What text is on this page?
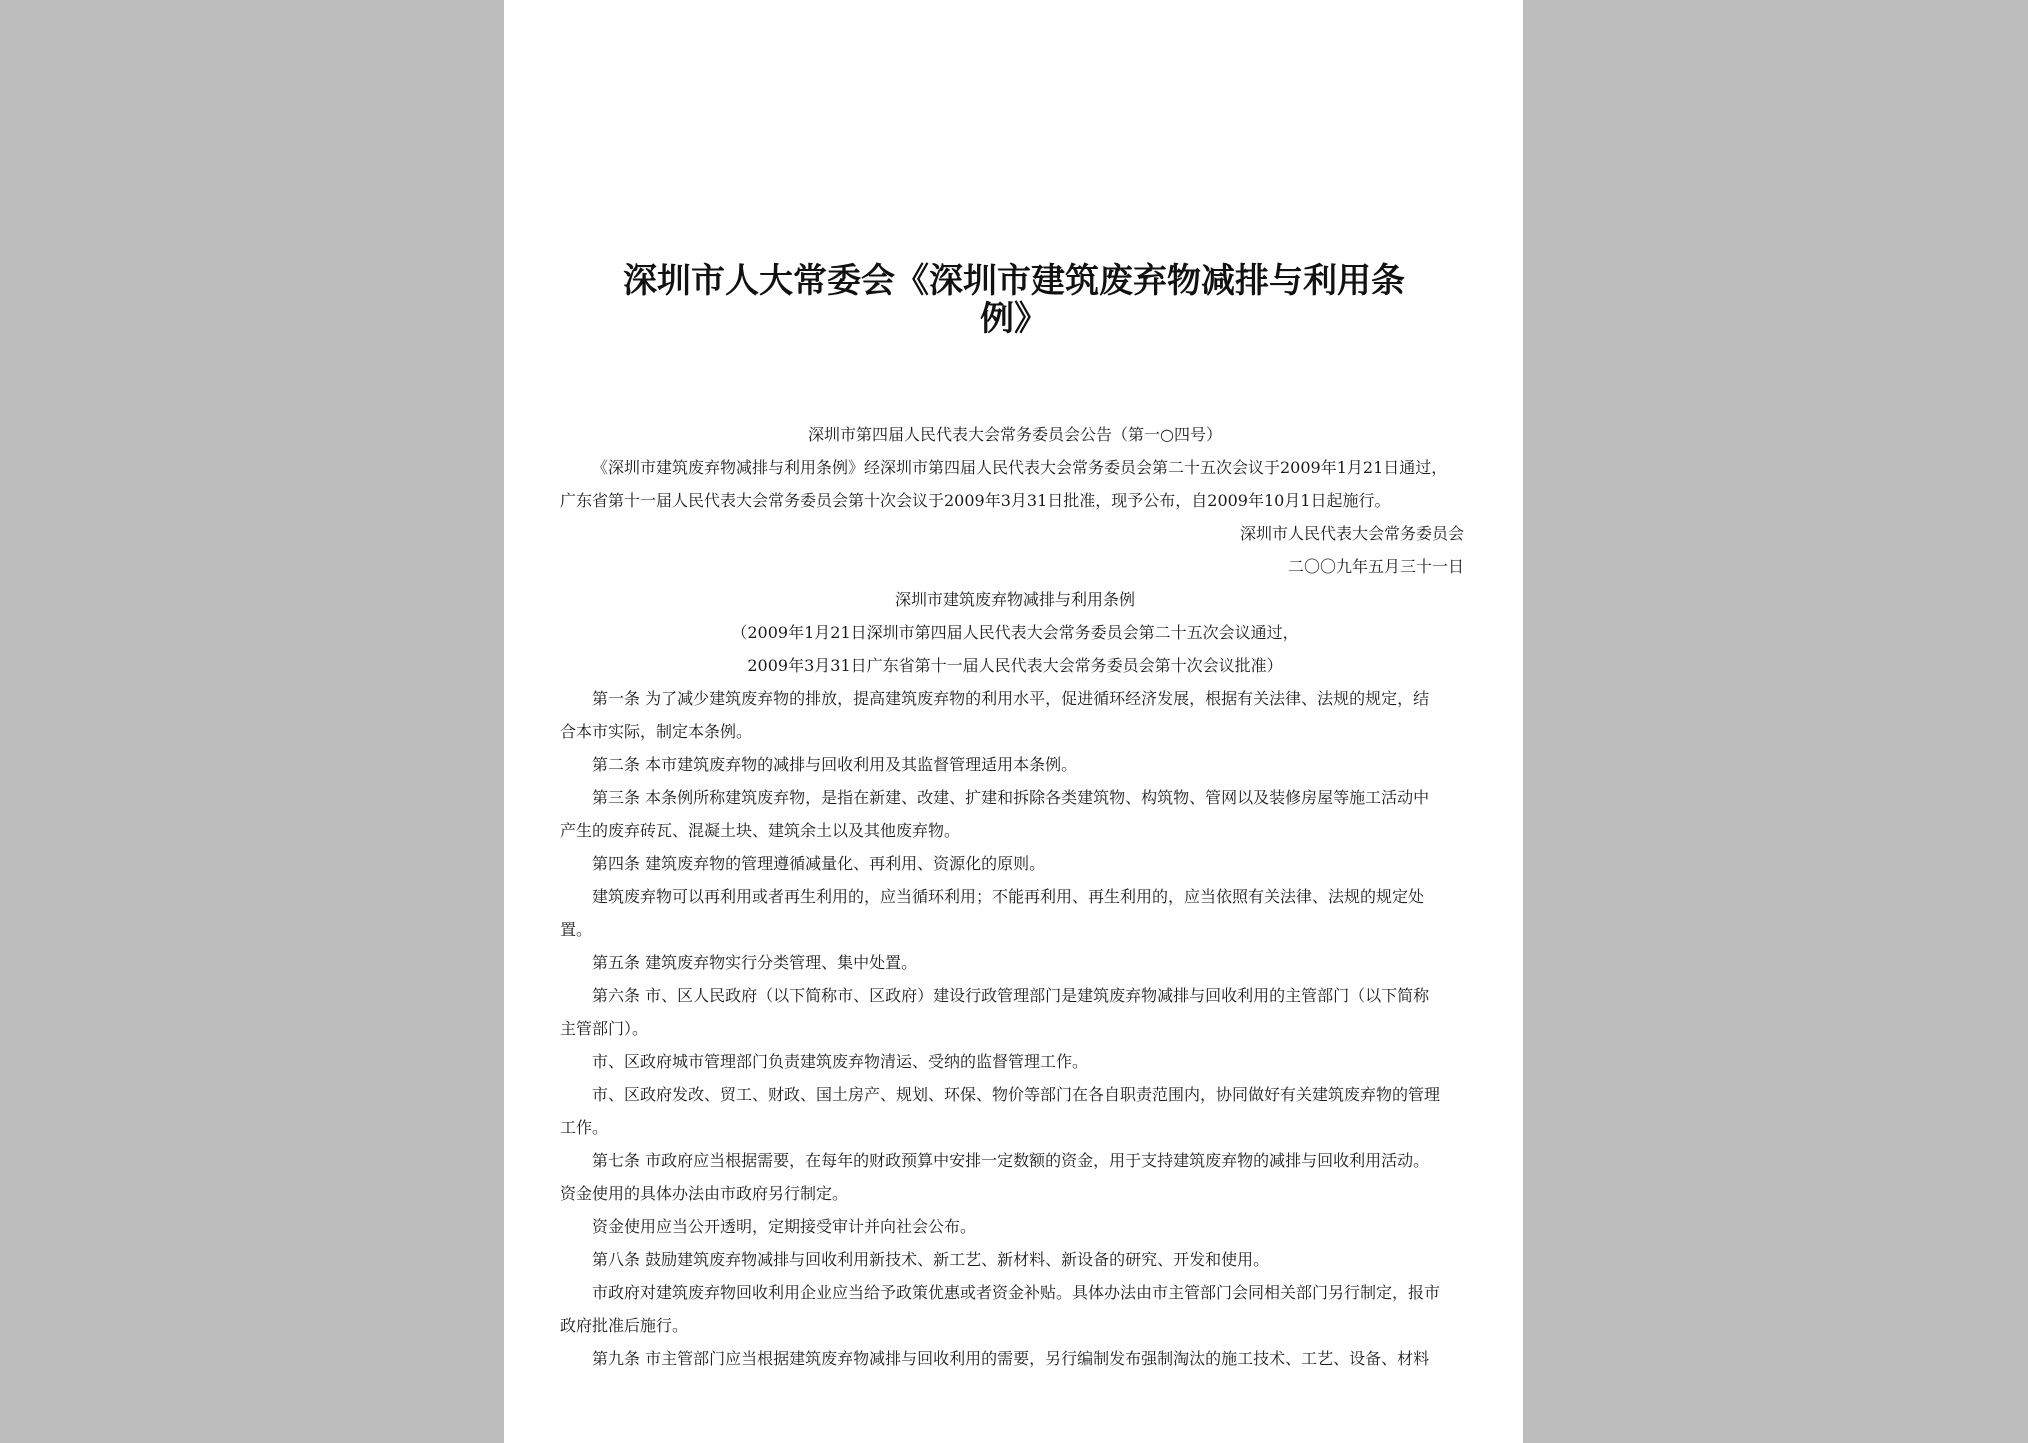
深圳市人大常委会《深圳市建筑废弃物减排与利用条
例》
深圳市第四届人民代表大会常务委员会公告（第一○四号）
《深圳市建筑废弃物减排与利用条例》经深圳市第四届人民代表大会常务委员会第二十五次会议于2009年1月21日通过，
广东省第十一届人民代表大会常务委员会第十次会议于2009年3月31日批准，现予公布，自2009年10月1日起施行。
深圳市人民代表大会常务委员会
二〇〇九年五月三十一日
深圳市建筑废弃物减排与利用条例
（2009年1月21日深圳市第四届人民代表大会常务委员会第二十五次会议通过，
2009年3月31日广东省第十一届人民代表大会常务委员会第十次会议批准）
第一条 为了减少建筑废弃物的排放，提高建筑废弃物的利用水平，促进循环经济发展，根据有关法律、法规的规定，结
合本市实际，制定本条例。
第二条 本市建筑废弃物的减排与回收利用及其监督管理适用本条例。
第三条 本条例所称建筑废弃物，是指在新建、改建、扩建和拆除各类建筑物、构筑物、管网以及装修房屋等施工活动中
产生的废弃砖瓦、混凝土块、建筑余土以及其他废弃物。
第四条 建筑废弃物的管理遵循减量化、再利用、资源化的原则。
建筑废弃物可以再利用或者再生利用的，应当循环利用；不能再利用、再生利用的，应当依照有关法律、法规的规定处
置。
第五条 建筑废弃物实行分类管理、集中处置。
第六条 市、区人民政府（以下简称市、区政府）建设行政管理部门是建筑废弃物减排与回收利用的主管部门（以下简称
主管部门）。
市、区政府城市管理部门负责建筑废弃物清运、受纳的监督管理工作。
市、区政府发改、贸工、财政、国土房产、规划、环保、物价等部门在各自职责范围内，协同做好有关建筑废弃物的管理
工作。
第七条 市政府应当根据需要，在每年的财政预算中安排一定数额的资金，用于支持建筑废弃物的减排与回收利用活动。
资金使用的具体办法由市政府另行制定。
资金使用应当公开透明，定期接受审计并向社会公布。
第八条 鼓励建筑废弃物减排与回收利用新技术、新工艺、新材料、新设备的研究、开发和使用。
市政府对建筑废弃物回收利用企业应当给予政策优惠或者资金补贴。具体办法由市主管部门会同相关部门另行制定，报市
政府批准后施行。
第九条 市主管部门应当根据建筑废弃物减排与回收利用的需要，另行编制发布强制淘汰的施工技术、工艺、设备、材料
